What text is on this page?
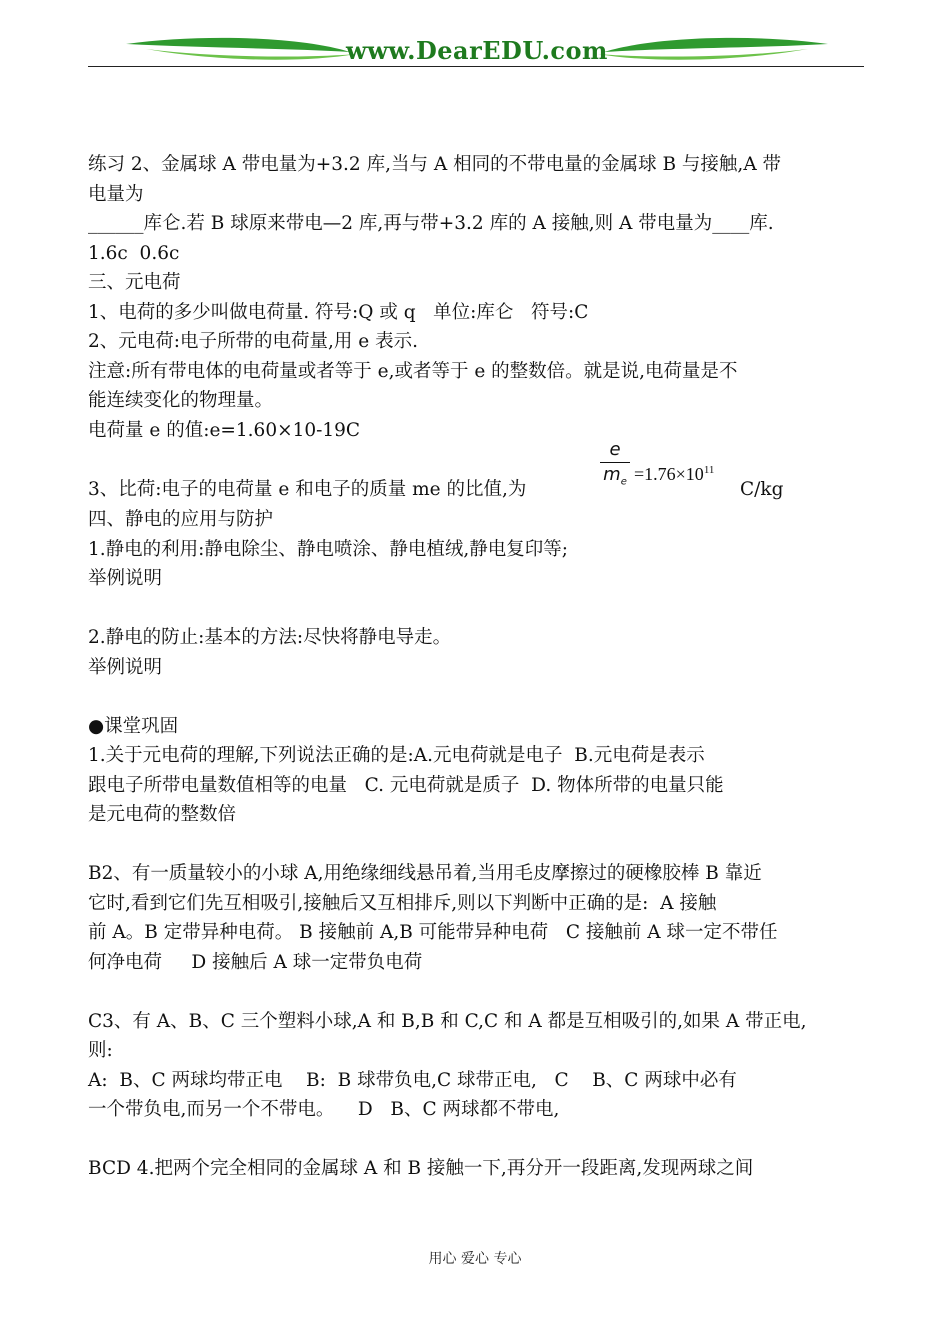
www.DearEDU.com

练习 2、金属球 A 带电量为+3.2 库,当与 A 相同的不带电量的金属球 B 与接触,A 带

电量为

______库仑.若 B 球原来带电—2 库,再与带+3.2 库的 A 接触,则 A 带电量为____库.

1.6c  0.6c

三、元电荷

1、电荷的多少叫做电荷量. 符号:Q 或 q   单位:库仑   符号:C

2、元电荷:电子所带的电荷量,用 e 表示.

注意:所有带电体的电荷量或者等于 e,或者等于 e 的整数倍。就是说,电荷量是不

能连续变化的物理量。

电荷量 e 的值:e=1.60×10-19C

3、比荷:电子的电荷量 e 和电子的质量 me 的比值,为
e
$m_e =1.76\times 10^{11}$
C/kg

四、静电的应用与防护

1.静电的利用:静电除尘、静电喷涂、静电植绒,静电复印等;

举例说明

2.静电的防止:基本的方法:尽快将静电导走。

举例说明

●课堂巩固

1.关于元电荷的理解,下列说法正确的是:A.元电荷就是电子  B.元电荷是表示

跟电子所带电量数值相等的电量   C. 元电荷就是质子  D. 物体所带的电量只能

是元电荷的整数倍

B2、有一质量较小的小球 A,用绝缘细线悬吊着,当用毛皮摩擦过的硬橡胶棒 B 靠近

它时,看到它们先互相吸引,接触后又互相排斥,则以下判断中正确的是:  A 接触

前 A。B 定带异种电荷。 B 接触前 A,B 可能带异种电荷   C 接触前 A 球一定不带任

何净电荷     D 接触后 A 球一定带负电荷

C3、有 A、B、C 三个塑料小球,A 和 B,B 和 C,C 和 A 都是互相吸引的,如果 A 带正电,

则:

A:  B、C 两球均带正电    B:  B 球带负电,C 球带正电,   C    B、C 两球中必有

一个带负电,而另一个不带电。    D   B、C 两球都不带电,

BCD 4.把两个完全相同的金属球 A 和 B 接触一下,再分开一段距离,发现两球之间

用心 爱心 专心
